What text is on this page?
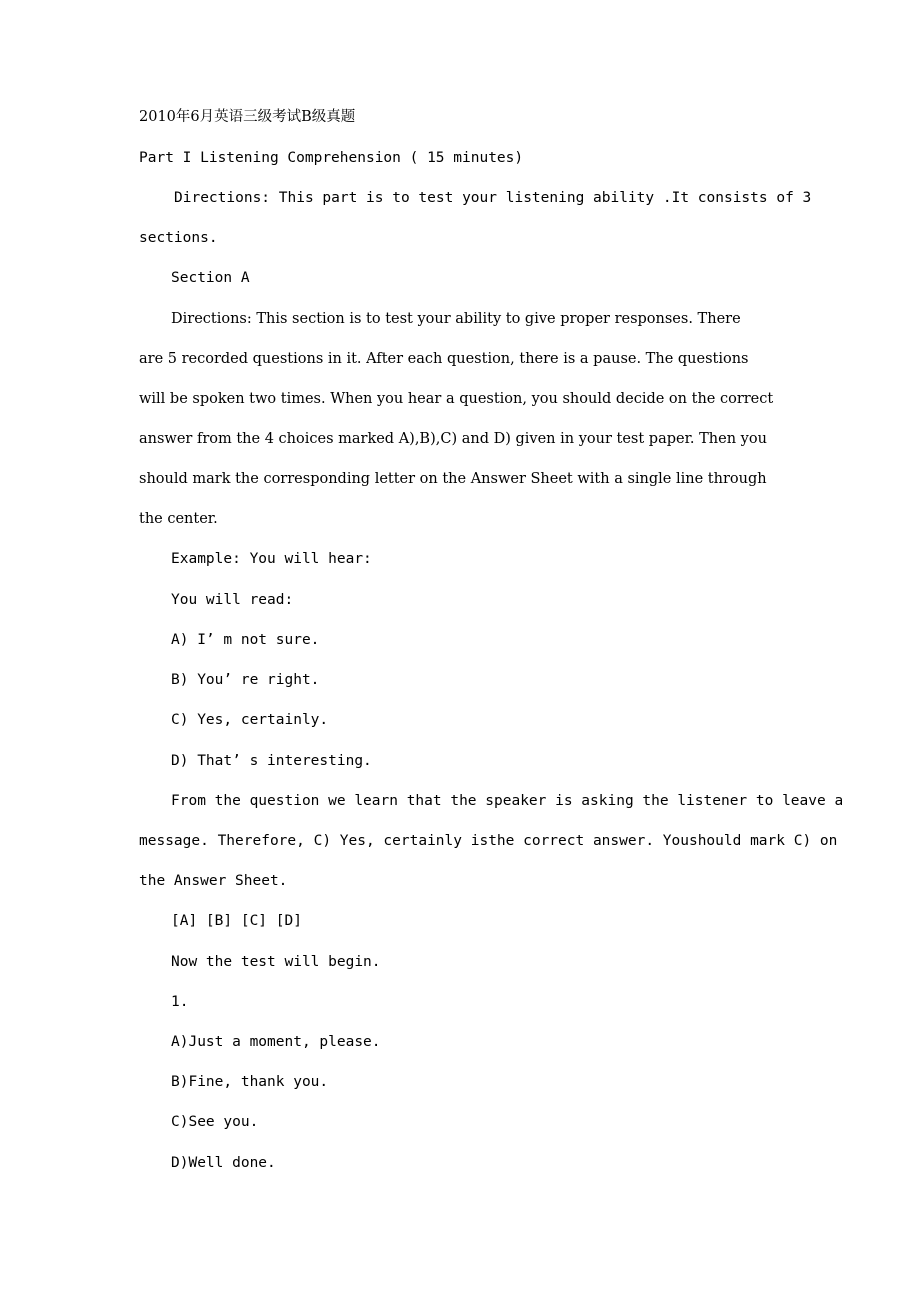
2010年6月英语三级考试B级真题

Part I Listening Comprehension ( 15 minutes)

Directions: This part is to test your listening ability .It consists of 3

sections.

Section A

Directions: This section is to test your ability to give proper responses. There

are 5 recorded questions in it. After each question, there is a pause. The questions

will be spoken two times. When you hear a question, you should decide on the correct

answer from the 4 choices marked A),B),C) and D) given in your test paper. Then you

should mark the corresponding letter on the Answer Sheet with a single line through

the center.

Example: You will hear:

You will read:

A) I’ m not sure.

B) You’ re right.

C) Yes, certainly.

D) That’ s interesting.

From the question we learn that the speaker is asking the listener to leave a

message. Therefore, C) Yes, certainly isthe correct answer. Youshould mark C) on

the Answer Sheet.

[A] [B] [C] [D]

Now the test will begin.

1.

A)Just a moment, please.

B)Fine, thank you.

C)See you.

D)Well done.
